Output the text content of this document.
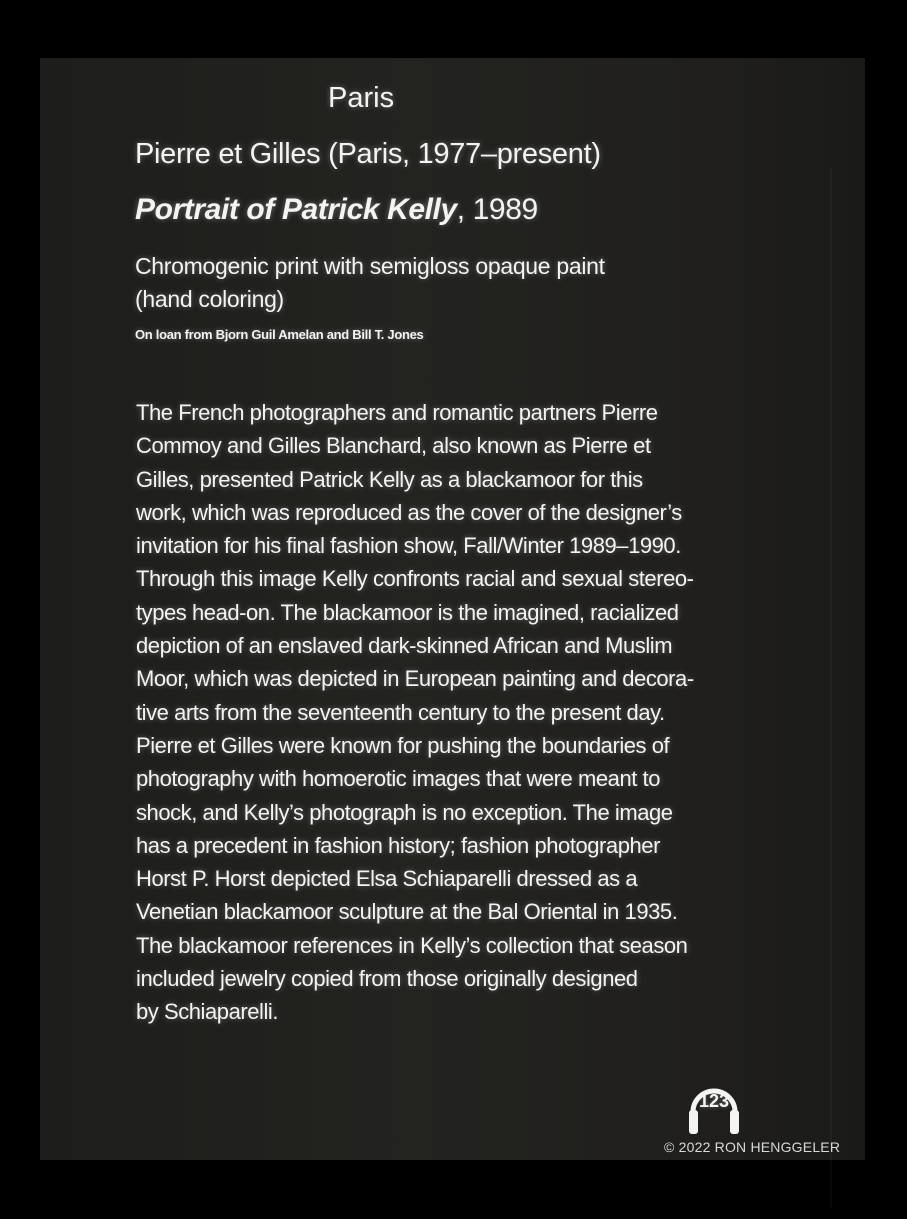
Paris
Pierre et Gilles (Paris, 1977–present)
Portrait of Patrick Kelly, 1989
Chromogenic print with semigloss opaque paint
(hand coloring)
On loan from Bjorn Guil Amelan and Bill T. Jones
The French photographers and romantic partners Pierre
Commoy and Gilles Blanchard, also known as Pierre et
Gilles, presented Patrick Kelly as a blackamoor for this
work, which was reproduced as the cover of the designer’s
invitation for his final fashion show, Fall/Winter 1989–1990.
Through this image Kelly confronts racial and sexual stereo-
types head-on. The blackamoor is the imagined, racialized
depiction of an enslaved dark-skinned African and Muslim
Moor, which was depicted in European painting and decora-
tive arts from the seventeenth century to the present day.
Pierre et Gilles were known for pushing the boundaries of
photography with homoerotic images that were meant to
shock, and Kelly’s photograph is no exception. The image
has a precedent in fashion history; fashion photographer
Horst P. Horst depicted Elsa Schiaparelli dressed as a
Venetian blackamoor sculpture at the Bal Oriental in 1935.
The blackamoor references in Kelly’s collection that season
included jewelry copied from those originally designed
by Schiaparelli.
123
© 2022 RON HENGGELER
